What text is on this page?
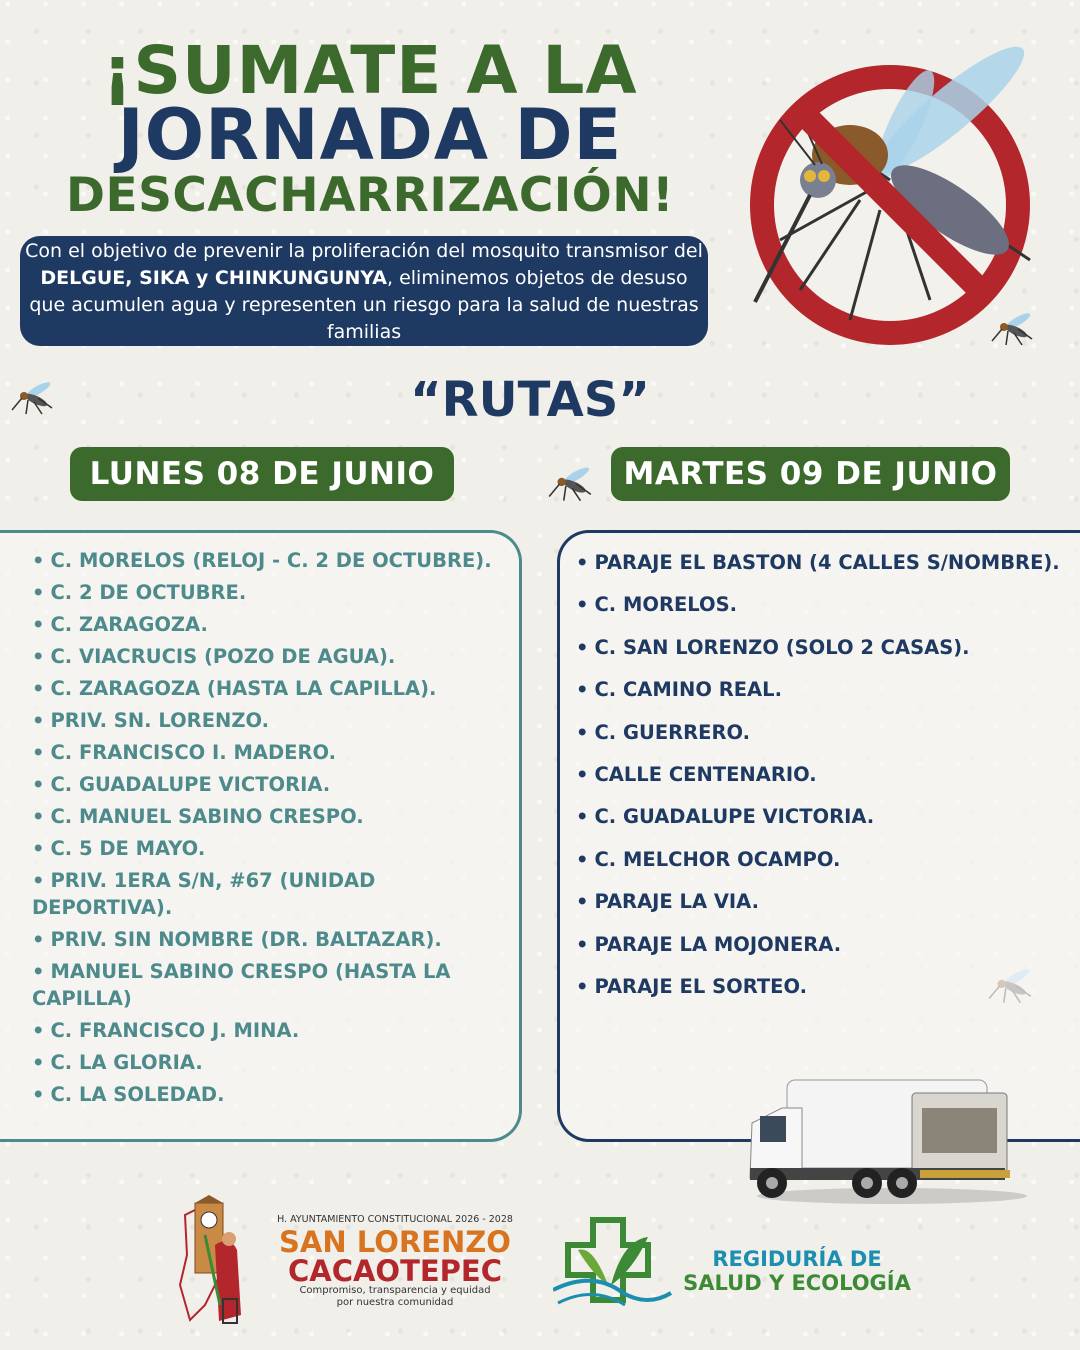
¡SUMATE A LA
JORNADA DE
DESCACHARRIZACIÓN!
Con el objetivo de prevenir la proliferación del mosquito transmisor del DELGUE, SIKA y CHINKUNGUNYA, eliminemos objetos de desuso que acumulen agua y representen un riesgo para la salud de nuestras familias
“RUTAS”
LUNES 08 DE JUNIO	MARTES 09 DE JUNIO
• C. MORELOS (RELOJ - C. 2 DE OCTUBRE).
• C. 2 DE OCTUBRE.
• C. ZARAGOZA.
• C. VIACRUCIS (POZO DE AGUA).
• C. ZARAGOZA (HASTA LA CAPILLA).
• PRIV. SN. LORENZO.
• C. FRANCISCO I. MADERO.
• C. GUADALUPE VICTORIA.
• C. MANUEL SABINO CRESPO.
• C. 5 DE MAYO.
• PRIV. 1ERA S/N, #67 (UNIDAD DEPORTIVA).
• PRIV. SIN NOMBRE (DR. BALTAZAR).
• MANUEL SABINO CRESPO (HASTA LA CAPILLA)
• C. FRANCISCO J. MINA.
• C. LA GLORIA.
• C. LA SOLEDAD.
• PARAJE EL BASTON (4 CALLES S/NOMBRE).
• C. MORELOS.
• C. SAN LORENZO (SOLO 2 CASAS).
• C. CAMINO REAL.
• C. GUERRERO.
• CALLE CENTENARIO.
• C. GUADALUPE VICTORIA.
• C. MELCHOR OCAMPO.
• PARAJE LA VIA.
• PARAJE LA MOJONERA.
• PARAJE EL SORTEO.

H. AYUNTAMIENTO CONSTITUCIONAL 2026 - 2028

SAN LORENZO

CACAOTEPEC

Compromiso, transparencia y equidad
por nuestra comunidad

REGIDURÍA DE

SALUD Y ECOLOGÍA
